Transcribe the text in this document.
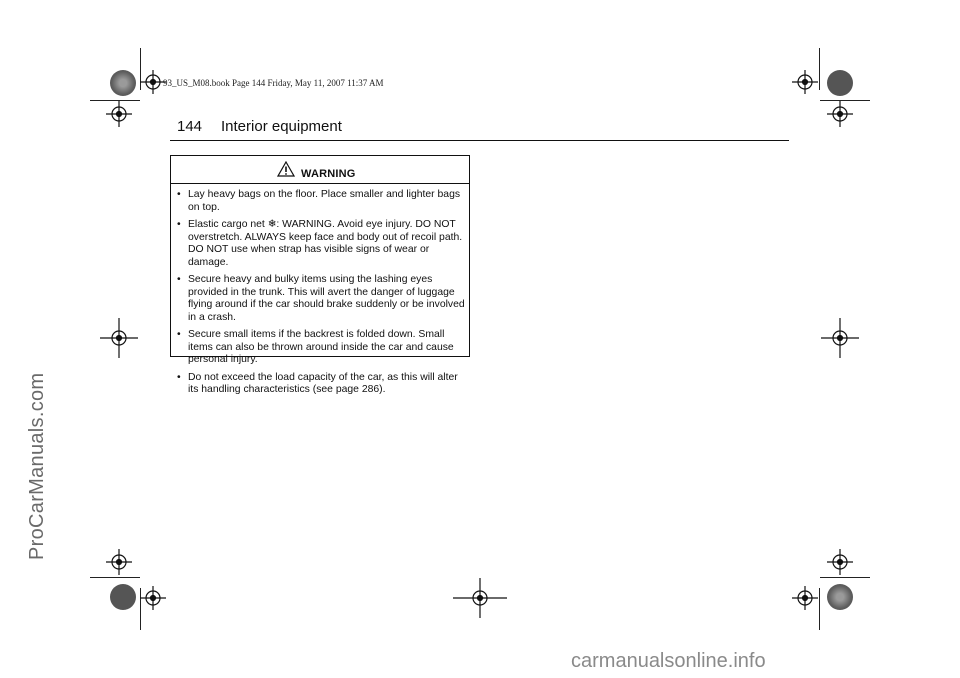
93_US_M08.book Page 144 Friday, May 11, 2007 11:37 AM
144 Interior equipment
WARNING
• Lay heavy bags on the floor. Place smaller and lighter bags on top.
• Elastic cargo net ❄: WARNING. Avoid eye injury. DO NOT overstretch. ALWAYS keep face and body out of recoil path. DO NOT use when strap has visible signs of wear or damage.
• Secure heavy and bulky items using the lashing eyes provided in the trunk. This will avert the danger of luggage flying around if the car should brake suddenly or be involved in a crash.
• Secure small items if the backrest is folded down. Small items can also be thrown around inside the car and cause personal injury.
• Do not exceed the load capacity of the car, as this will alter its handling characteristics (see page 286).
ProCarManuals.com
carmanualsonline.info
